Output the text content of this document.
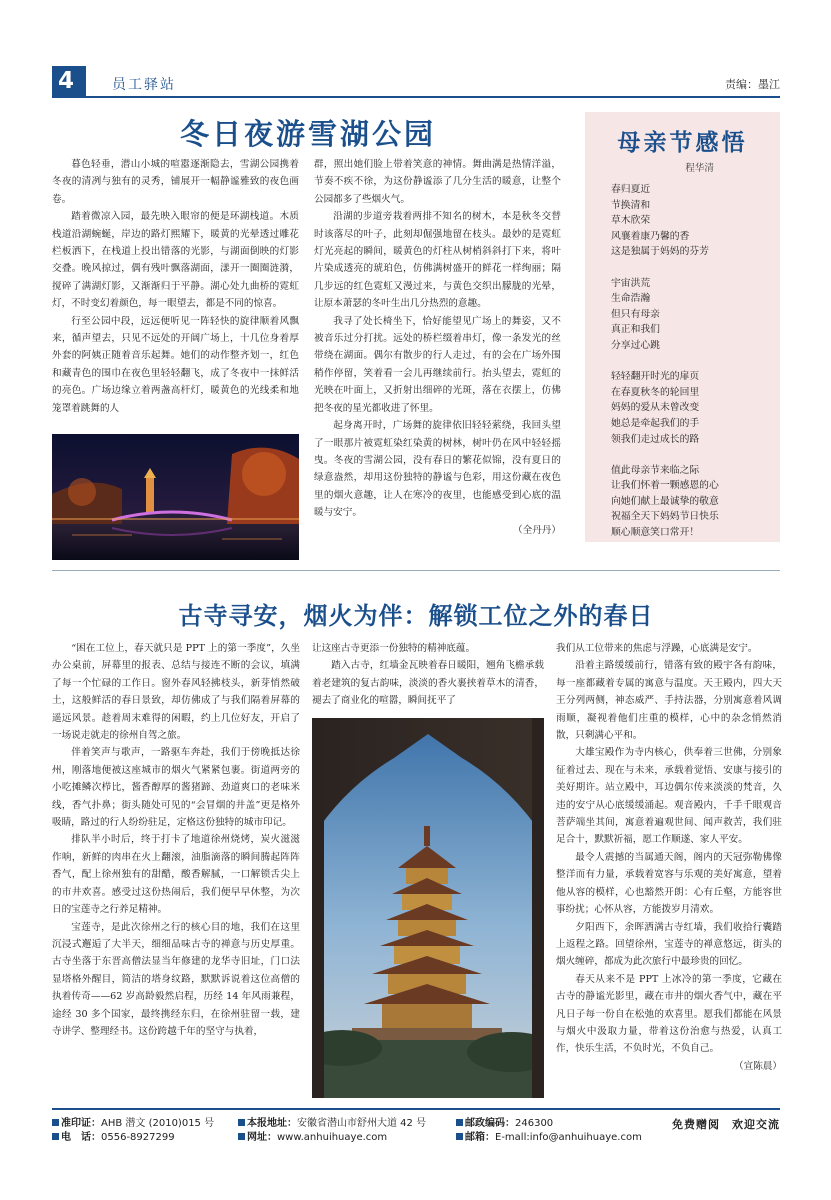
4	员工驿站	责编：墨江
冬日夜游雪湖公园

暮色轻垂，潜山小城的喧嚣逐渐隐去，雪湖公园携着冬夜的清冽与独有的灵秀，铺展开一幅静谧雅致的夜色画卷。

踏着微凉入园，最先映入眼帘的便是环湖栈道。木质栈道沿湖蜿蜒，岸边的路灯熙耀下，暖黄的光晕透过雕花栏板洒下，在栈道上投出错落的光影，与湖面倒映的灯影交叠。晚风掠过，偶有残叶飘落湖面，漾开一圈圈涟漪，搅碎了满湖灯影，又渐渐归于平静。湖心处九曲桥的霓虹灯，不时变幻着颜色，每一眼望去，都是不同的惊喜。

行至公园中段，远远便听见一阵轻快的旋律顺着风飘来，循声望去，只见不远处的开阔广场上，十几位身着厚外套的阿姨正随着音乐起舞。她们的动作整齐划一，红色和藏青色的围巾在夜色里轻轻翻飞，成了冬夜中一抹鲜活的亮色。广场边缘立着两盏高杆灯，暖黄色的光线柔和地笼罩着跳舞的人

群，照出她们脸上带着笑意的神情。舞曲满是热情洋溢，节奏不疾不徐，为这份静谧添了几分生活的暖意，让整个公园都多了些烟火气。

沿湖的步道旁栽着两排不知名的树木，本是秋冬交替时该落尽的叶子，此刻却倔强地留在枝头。最妙的是霓虹灯光亮起的瞬间，暖黄色的灯柱从树梢斜斜打下来，将叶片染成透亮的琥珀色，仿佛满树盛开的鲜花一样绚丽；隔几步远的红色霓虹又漫过来，与黄色交织出朦胧的光晕，让原本萧瑟的冬叶生出几分热烈的意趣。

我寻了处长椅坐下，恰好能望见广场上的舞姿，又不被音乐过分打扰。远处的桥栏缀着串灯，像一条发光的丝带绕在湖面。偶尔有散步的行人走过，有的会在广场外围稍作停留，笑着看一会儿再继续前行。抬头望去，霓虹的光映在叶面上，又折射出细碎的光斑，落在衣摆上，仿佛把冬夜的星光都收进了怀里。

起身离开时，广场舞的旋律依旧轻轻萦绕，我回头望了一眼那片被霓虹染红染黄的树林，树叶仍在风中轻轻摇曳。冬夜的雪湖公园，没有春日的繁花似锦，没有夏日的绿意盎然，却用这份独特的静谧与色彩，用这份藏在夜色里的烟火意趣，让人在寒冷的夜里，也能感受到心底的温暖与安宁。

（全丹丹）
母亲节感悟
程华清
春归夏近
节换清和
草木欣荣
风襄着康乃馨的香
这是独属于妈妈的芬芳
宇宙洪荒
生命浩瀚
但只有母亲
真正和我们
分享过心跳
轻轻翻开时光的扉页
在春夏秋冬的轮回里
妈妈的爱从未曾改变
她总是牵起我们的手
领我们走过成长的路
值此母亲节来临之际
让我们怀着一颗感恩的心
向她们献上最诚挚的敬意
祝福全天下妈妈节日快乐
顺心顺意笑口常开！
古寺寻安，烟火为伴：解锁工位之外的春日

“困在工位上，春天就只是 PPT 上的第一季度”，久坐办公桌前，屏幕里的报表、总结与接连不断的会议，填满了每一个忙碌的工作日。窗外春风轻拂枝头，新芽悄然破土，这般鲜活的春日景致，却仿佛成了与我们隔着屏幕的遥远风景。趁着周末难得的闲暇，约上几位好友，开启了一场说走就走的徐州自驾之旅。

伴着笑声与歌声，一路驱车奔赴，我们于傍晚抵达徐州，刚落地便被这座城市的烟火气紧紧包裹。街道两旁的小吃摊鳞次栉比，酱香醇厚的酱猪蹄、劲道爽口的老味米线，香气扑鼻；街头随处可见的“会冒烟的井盖”更是格外吸睛，路过的行人纷纷驻足，定格这份独特的城市印记。

排队半小时后，终于打卡了地道徐州烧烤，炭火滋滋作响，新鲜的肉串在火上翻滚，油脂滴落的瞬间腾起阵阵香气，配上徐州独有的甜醋，酸香解腻，一口解锁舌尖上的市井欢喜。感受过这份热闹后，我们便早早休整，为次日的宝莲寺之行养足精神。

宝莲寺，是此次徐州之行的核心目的地，我们在这里沉浸式邂逅了大半天，细细品味古寺的禅意与历史厚重。古寺坐落于东晋高僧法显当年修建的龙华寺旧址，门口法显塔格外醒目，简洁的塔身纹路，默默诉说着这位高僧的执着传奇——62 岁高龄毅然启程，历经 14 年风雨兼程，途经 30 多个国家，最终携经东归，在徐州驻留一载，建寺讲学、整理经书。这份跨越千年的坚守与执着，

让这座古寺更添一份独特的精神底蕴。

踏入古寺，红墙金瓦映着春日暖阳，翘角飞檐承载着老建筑的复古韵味，淡淡的香火裹挟着草木的清香，褪去了商业化的喧嚣，瞬间抚平了

我们从工位带来的焦虑与浮躁，心底满是安宁。

沿着主路缓缓前行，错落有致的殿宇各有韵味，每一座都藏着专属的寓意与温度。天王殿内，四大天王分列两侧，神态威严、手持法器，分别寓意着风调雨顺，凝视着他们庄重的模样，心中的杂念悄然消散，只剩满心平和。

大雄宝殿作为寺内核心，供奉着三世佛，分别象征着过去、现在与未来，承载着觉悟、安康与接引的美好期许。站立殿中，耳边偶尔传来淡淡的梵音，久违的安宁从心底缓缓涌起。观音殿内，千手千眼观音菩萨端坐其间，寓意着遍观世间、闻声救苦，我们驻足合十，默默祈福，愿工作顺遂、家人平安。

最令人震撼的当属通天阁，阁内的天冠弥勒佛像整洋而有力量，承载着宽容与乐观的美好寓意，望着他从容的模样，心也豁然开朗：心有丘壑，方能容世事纷扰；心怀从容，方能拨岁月清欢。

夕阳西下，余晖洒满古寺红墙，我们收拾行囊踏上返程之路。回望徐州，宝莲寺的禅意悠远，街头的烟火缠碎，都成为此次旅行中最珍贵的回忆。

春天从来不是 PPT 上冰冷的第一季度，它藏在古寺的静谧光影里，藏在市井的烟火香气中，藏在平凡日子每一份自在松弛的欢喜里。愿我们都能在风景与烟火中汲取力量，带着这份治愈与热爱，认真工作，快乐生活，不负时光，不负自己。

（宣陈晨）
准印证：AHB 潜文 (2010)015 号	本报地址：安徽省潜山市舒州大道 42 号	邮政编码：246300
电　话：0556-8927299	网址：www.anhuihuaye.com	邮箱：E-mall:info@anhuihuaye.com
免费赠阅　欢迎交流
